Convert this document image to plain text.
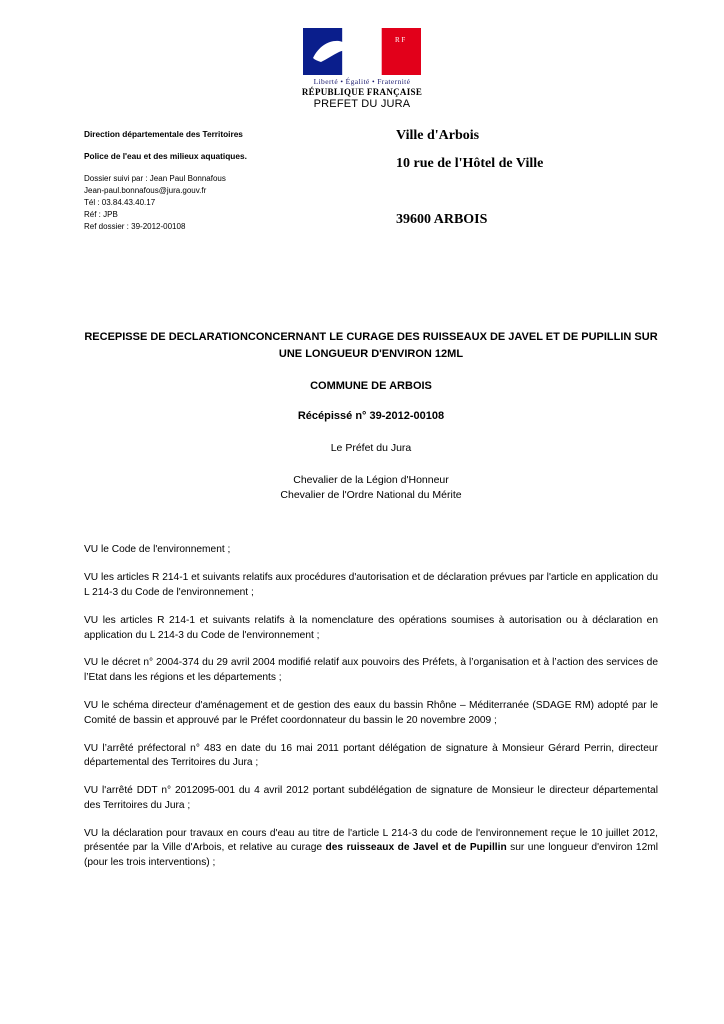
R F
Liberté • Égalité • Fraternité
RÉPUBLIQUE FRANÇAISE
PREFET DU JURA
Direction départementale des Territoires
Police de l'eau et des milieux aquatiques.
Dossier suivi par : Jean Paul Bonnafous
Jean-paul.bonnafous@jura.gouv.fr
Tél : 03.84.43.40.17
Réf : JPB
Ref dossier : 39-2012-00108
Ville d'Arbois
10 rue de l'Hôtel de Ville
39600 ARBOIS
RECEPISSE DE DECLARATIONCONCERNANT LE CURAGE DES RUISSEAUX DE JAVEL ET DE PUPILLIN SUR UNE LONGUEUR D'ENVIRON 12ML
COMMUNE DE ARBOIS
Récépissé n° 39-2012-00108
Le Préfet du Jura
Chevalier de la Légion d'Honneur
Chevalier de l'Ordre National du Mérite

VU le Code de l'environnement ;

VU les articles R 214-1 et suivants relatifs aux procédures d'autorisation et de déclaration prévues par l'article en application du L 214-3 du Code de l'environnement ;

VU les articles R 214-1 et suivants relatifs à la nomenclature des opérations soumises à autorisation ou à déclaration en application du L 214-3 du Code de l'environnement ;

VU le décret n° 2004-374 du 29 avril 2004 modifié relatif aux pouvoirs des Préfets, à l’organisation et à l’action des services de l’Etat dans les régions et les départements ;

VU le schéma directeur d'aménagement et de gestion des eaux du bassin Rhône – Méditerranée (SDAGE RM) adopté par le Comité de bassin et approuvé par le Préfet coordonnateur du bassin le 20 novembre 2009 ;

VU l’arrêté préfectoral n° 483 en date du 16 mai 2011 portant délégation de signature à Monsieur Gérard Perrin, directeur départemental des Territoires du Jura ;

VU l'arrêté DDT n° 2012095-001 du 4 avril 2012 portant subdélégation de signature de Monsieur le directeur départemental des Territoires du Jura ;

VU la déclaration pour travaux en cours d'eau au titre de l'article L 214-3 du code de l'environnement reçue le 10 juillet 2012, présentée par la Ville d'Arbois, et relative au curage des ruisseaux de Javel et de Pupillin sur une longueur d'environ 12ml (pour les trois interventions) ;
